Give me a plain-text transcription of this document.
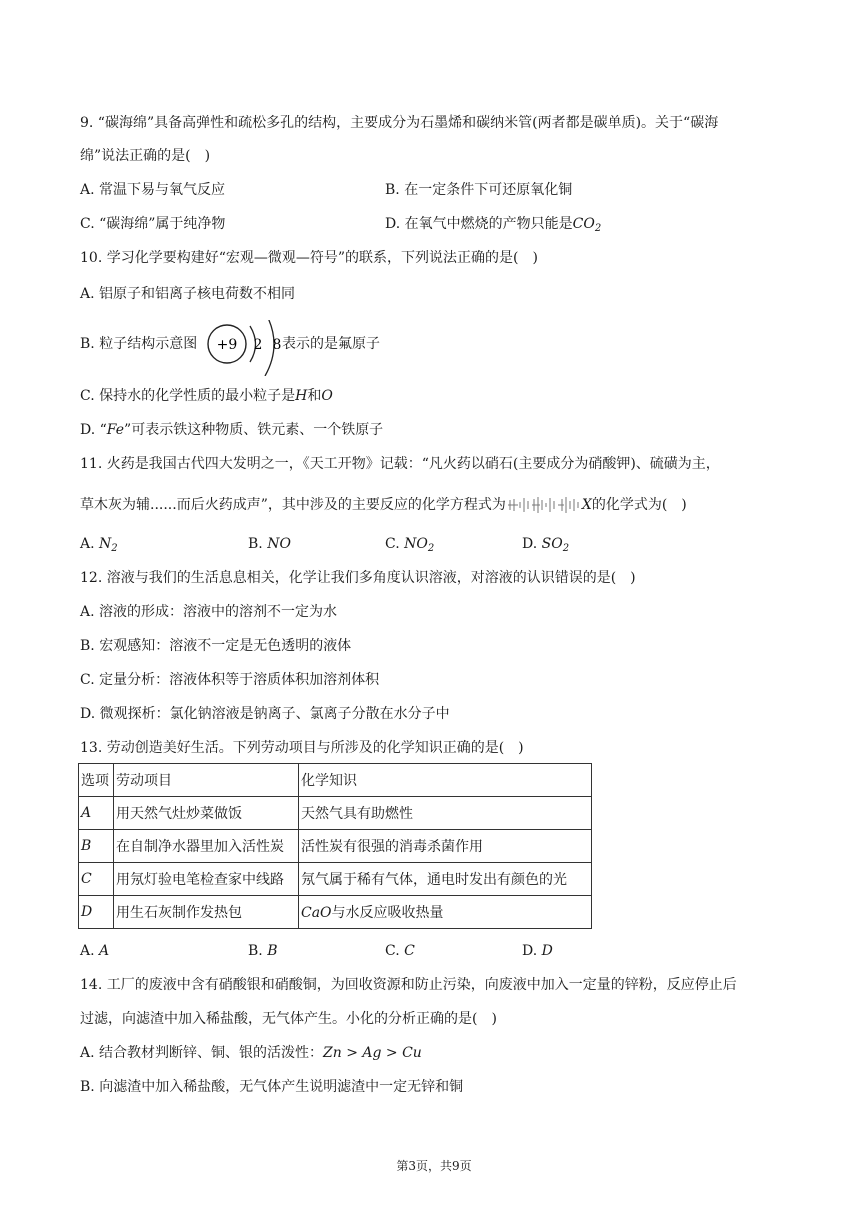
9. “碳海绵”具备高弹性和疏松多孔的结构，主要成分为石墨烯和碳纳米管(两者都是碳单质)。关于“碳海
绵”说法正确的是(　)
A. 常温下易与氧气反应	B. 在一定条件下可还原氧化铜
C. “碳海绵”属于纯净物	D. 在氧气中燃烧的产物只能是$CO_2$
10. 学习化学要构建好“宏观—微观—符号”的联系，下列说法正确的是(　)
A. 铝原子和铝离子核电荷数不相同
B. 粒子结构示意图 +9 2 8 表示的是氟原子
C. 保持水的化学性质的最小粒子是H和O
D. “Fe”可表示铁这种物质、铁元素、一个铁原子
11. 火药是我国古代四大发明之一，《天工开物》记载：“凡火药以硝石(主要成分为硝酸钾)、硫磺为主，
草木灰为辅......而后火药成声”，其中涉及的主要反应的化学方程式为	X的化学式为(　)
A. $N_2$	B. NO	C. $NO_2$	D. $SO_2$
12. 溶液与我们的生活息息相关，化学让我们多角度认识溶液，对溶液的认识错误的是(　)
A. 溶液的形成：溶液中的溶剂不一定为水
B. 宏观感知：溶液不一定是无色透明的液体
C. 定量分析：溶液体积等于溶质体积加溶剂体积
D. 微观探析：氯化钠溶液是钠离子、氯离子分散在水分子中
13. 劳动创造美好生活。下列劳动项目与所涉及的化学知识正确的是(　)
选项	劳动项目	化学知识
A	用天然气灶炒菜做饭	天然气具有助燃性
B	在自制净水器里加入活性炭	活性炭有很强的消毒杀菌作用
C	用氖灯验电笔检查家中线路	氖气属于稀有气体，通电时发出有颜色的光
D	用生石灰制作发热包	CaO与水反应吸收热量
A. A	B. B	C. C	D. D
14. 工厂的废液中含有硝酸银和硝酸铜，为回收资源和防止污染，向废液中加入一定量的锌粉，反应停止后
过滤，向滤渣中加入稀盐酸，无气体产生。小化的分析正确的是(　)
A. 结合教材判断锌、铜、银的活泼性：Zn > Ag > Cu
B. 向滤渣中加入稀盐酸，无气体产生说明滤渣中一定无锌和铜
第3页，共9页
